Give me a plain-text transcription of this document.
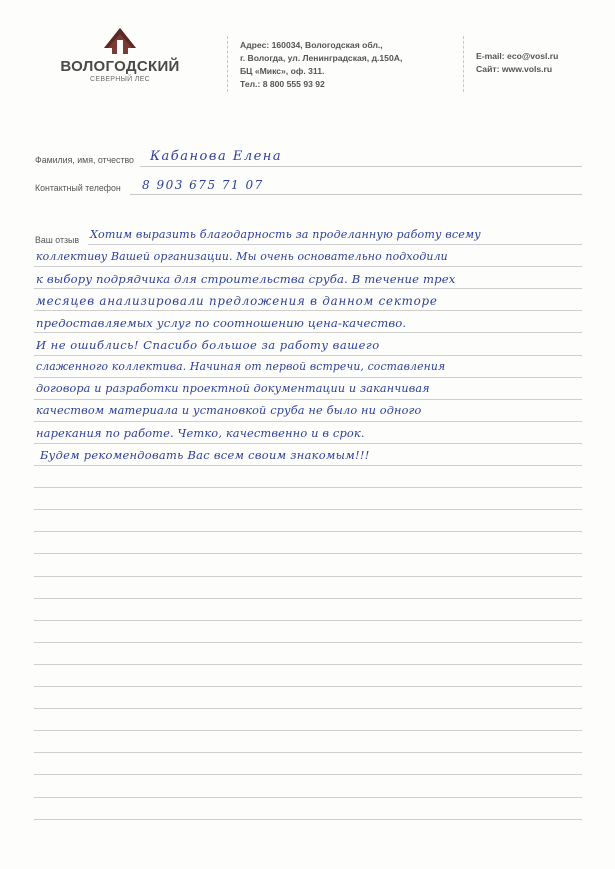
ВОЛОГОДСКИЙ
СЕВЕРНЫЙ ЛЕС
Адрес: 160034, Вологодская обл.,
г. Вологда, ул. Ленинградская, д.150А,
БЦ «Микс», оф. 311.
Тел.: 8 800 555 93 92
E-mail: eco@vosl.ru
Сайт: www.vols.ru
Фамилия, имя, отчество Кабанова Елена
Контактный телефон 8 903 675 71 07
Ваш отзыв Хотим выразить благодарность за проделанную работу всему
коллективу Вашей организации. Мы очень основательно подходили
к выбору подрядчика для строительства сруба. В течение трех
месяцев анализировали предложения в данном секторе
предоставляемых услуг по соотношению цена-качество.
И не ошиблись! Спасибо большое за работу вашего
слаженного коллектива. Начиная от первой встречи, составления
договора и разработки проектной документации и заканчивая
качеством материала и установкой сруба не было ни одного
нарекания по работе. Четко, качественно и в срок.
Будем рекомендовать Вас всем своим знакомым!!!
